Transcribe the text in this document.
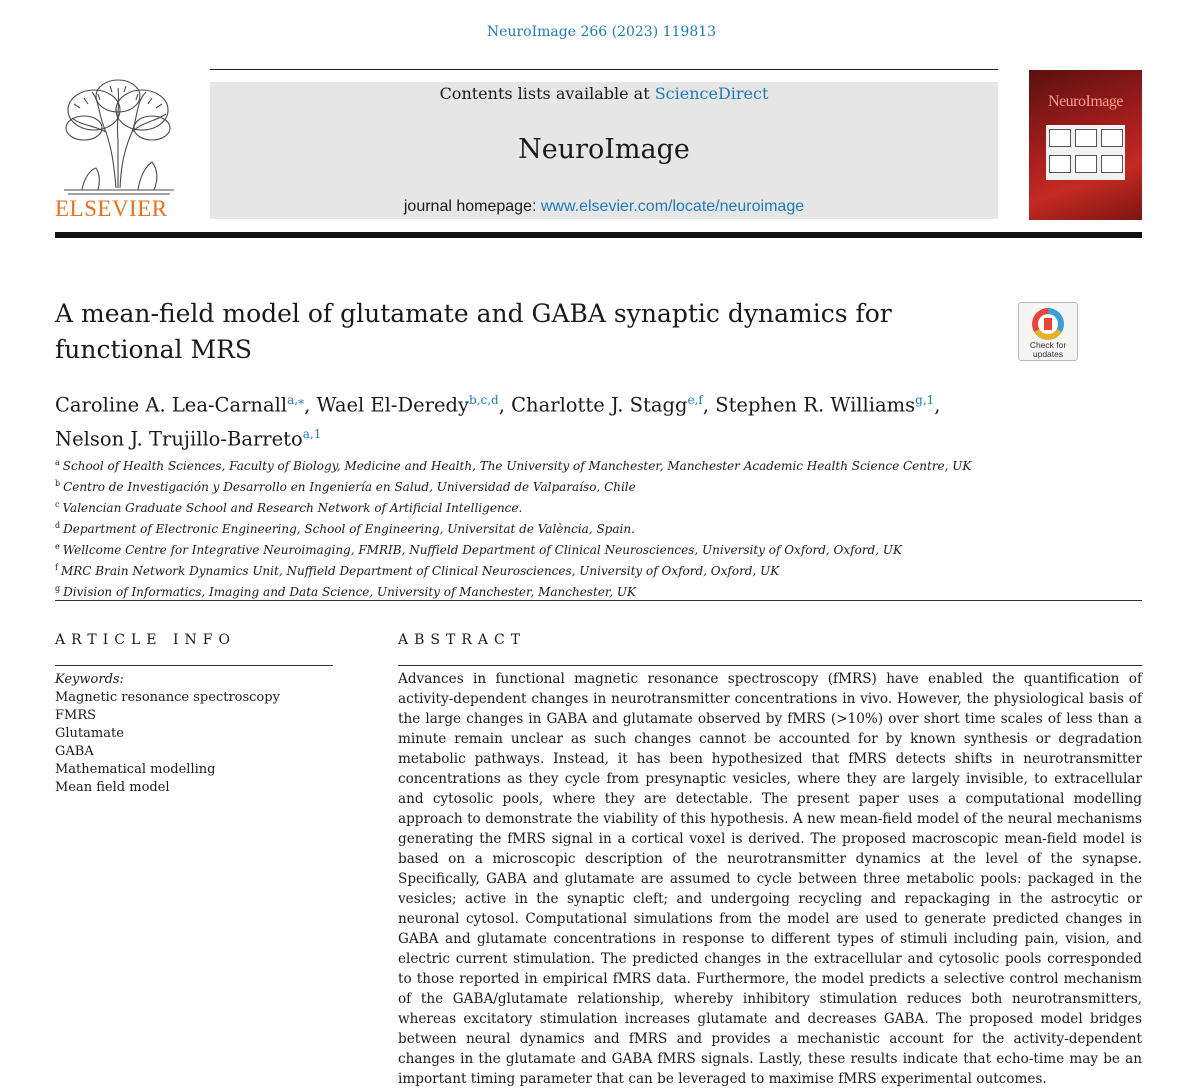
NeuroImage 266 (2023) 119813
ELSEVIER
Contents lists available at ScienceDirect
NeuroImage
journal homepage: www.elsevier.com/locate/neuroimage
NeuroImage
A mean-field model of glutamate and GABA synaptic dynamics for functional MRS	Check for
updates
Caroline A. Lea-Carnall$^{a,⁎}$, Wael El-Deredy$^{b,c,d}$, Charlotte J. Stagg$^{e,f}$, Stephen R. Williams$^{g,1}$,
Nelson J. Trujillo-Barreto$^{a,1}$
$^a$ School of Health Sciences, Faculty of Biology, Medicine and Health, The University of Manchester, Manchester Academic Health Science Centre, UK
$^b$ Centro de Investigación y Desarrollo en Ingeniería en Salud, Universidad de Valparaíso, Chile
$^c$ Valencian Graduate School and Research Network of Artificial Intelligence.
$^d$ Department of Electronic Engineering, School of Engineering, Universitat de València, Spain.
$^e$ Wellcome Centre for Integrative Neuroimaging, FMRIB, Nuffield Department of Clinical Neurosciences, University of Oxford, Oxford, UK
$^f$ MRC Brain Network Dynamics Unit, Nuffield Department of Clinical Neurosciences, University of Oxford, Oxford, UK
$^g$ Division of Informatics, Imaging and Data Science, University of Manchester, Manchester, UK
ARTICLE INFO	ABSTRACT
Keywords:
Magnetic resonance spectroscopy
FMRS
Glutamate
GABA
Mathematical modelling
Mean field model

Advances in functional magnetic resonance spectroscopy (fMRS) have enabled the quantification of activity-dependent changes in neurotransmitter concentrations in vivo. However, the physiological basis of the large changes in GABA and glutamate observed by fMRS (>10%) over short time scales of less than a minute remain unclear as such changes cannot be accounted for by known synthesis or degradation metabolic pathways. Instead, it has been hypothesized that fMRS detects shifts in neurotransmitter concentrations as they cycle from presynaptic vesicles, where they are largely invisible, to extracellular and cytosolic pools, where they are detectable. The present paper uses a computational modelling approach to demonstrate the viability of this hypothesis. A new mean-field model of the neural mechanisms generating the fMRS signal in a cortical voxel is derived. The proposed macroscopic mean-field model is based on a microscopic description of the neurotransmitter dynamics at the level of the synapse. Specifically, GABA and glutamate are assumed to cycle between three metabolic pools: packaged in the vesicles; active in the synaptic cleft; and undergoing recycling and repackaging in the astrocytic or neuronal cytosol. Computational simulations from the model are used to generate predicted changes in GABA and glutamate concentrations in response to different types of stimuli including pain, vision, and electric current stimulation. The predicted changes in the extracellular and cytosolic pools corresponded to those reported in empirical fMRS data. Furthermore, the model predicts a selective control mechanism of the GABA/glutamate relationship, whereby inhibitory stimulation reduces both neurotransmitters, whereas excitatory stimulation increases glutamate and decreases GABA. The proposed model bridges between neural dynamics and fMRS and provides a mechanistic account for the activity-dependent changes in the glutamate and GABA fMRS signals. Lastly, these results indicate that echo-time may be an important timing parameter that can be leveraged to maximise fMRS experimental outcomes.
